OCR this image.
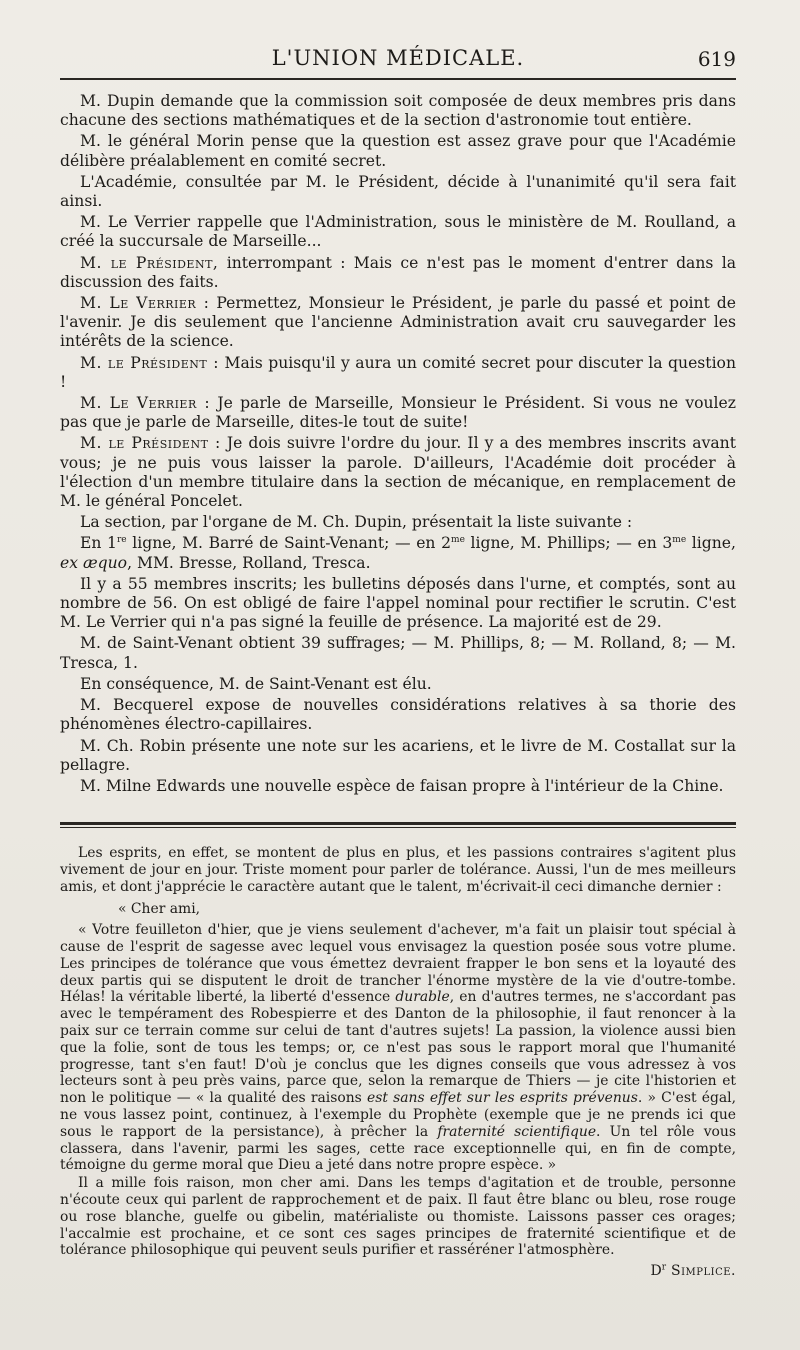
L'UNION MÉDICALE.	619

M. Dupin demande que la commission soit composée de deux membres pris dans chacune des sections mathématiques et de la section d'astronomie tout entière.

M. le général Morin pense que la question est assez grave pour que l'Académie délibère préalablement en comité secret.

L'Académie, consultée par M. le Président, décide à l'unanimité qu'il sera fait ainsi.

M. Le Verrier rappelle que l'Administration, sous le ministère de M. Roulland, a créé la succursale de Marseille...

M. le Président, interrompant : Mais ce n'est pas le moment d'entrer dans la discussion des faits.

M. Le Verrier : Permettez, Monsieur le Président, je parle du passé et point de l'avenir. Je dis seulement que l'ancienne Administration avait cru sauvegarder les intérêts de la science.

M. le Président : Mais puisqu'il y aura un comité secret pour discuter la question !

M. Le Verrier : Je parle de Marseille, Monsieur le Président. Si vous ne voulez pas que je parle de Marseille, dites-le tout de suite!

M. le Président : Je dois suivre l'ordre du jour. Il y a des membres inscrits avant vous; je ne puis vous laisser la parole. D'ailleurs, l'Académie doit procéder à l'élection d'un membre titulaire dans la section de mécanique, en remplacement de M. le général Poncelet.

La section, par l'organe de M. Ch. Dupin, présentait la liste suivante :

En 1re ligne, M. Barré de Saint-Venant; — en $2^{me}$ ligne, M. Phillips; — en $3^{me}$ ligne, ex æquo, MM. Bresse, Rolland, Tresca.

Il y a 55 membres inscrits; les bulletins déposés dans l'urne, et comptés, sont au nombre de 56. On est obligé de faire l'appel nominal pour rectifier le scrutin. C'est M. Le Verrier qui n'a pas signé la feuille de présence. La majorité est de 29.

M. de Saint-Venant obtient 39 suffrages; — M. Phillips, 8; — M. Rolland, 8; — M. Tresca, 1.

En conséquence, M. de Saint-Venant est élu.

M. Becquerel expose de nouvelles considérations relatives à sa thorie des phénomènes électro-capillaires.

M. Ch. Robin présente une note sur les acariens, et le livre de M. Costallat sur la pellagre.

M. Milne Edwards une nouvelle espèce de faisan propre à l'intérieur de la Chine.

Les esprits, en effet, se montent de plus en plus, et les passions contraires s'agitent plus vivement de jour en jour. Triste moment pour parler de tolérance. Aussi, l'un de mes meilleurs amis, et dont j'apprécie le caractère autant que le talent, m'écrivait-il ceci dimanche dernier :

« Cher ami,

« Votre feuilleton d'hier, que je viens seulement d'achever, m'a fait un plaisir tout spécial à cause de l'esprit de sagesse avec lequel vous envisagez la question posée sous votre plume. Les principes de tolérance que vous émettez devraient frapper le bon sens et la loyauté des deux partis qui se disputent le droit de trancher l'énorme mystère de la vie d'outre-tombe. Hélas! la véritable liberté, la liberté d'essence durable, en d'autres termes, ne s'accordant pas avec le tempérament des Robespierre et des Danton de la philosophie, il faut renoncer à la paix sur ce terrain comme sur celui de tant d'autres sujets! La passion, la violence aussi bien que la folie, sont de tous les temps; or, ce n'est pas sous le rapport moral que l'humanité progresse, tant s'en faut! D'où je conclus que les dignes conseils que vous adressez à vos lecteurs sont à peu près vains, parce que, selon la remarque de Thiers — je cite l'historien et non le politique — « la qualité des raisons est sans effet sur les esprits prévenus. » C'est égal, ne vous lassez point, continuez, à l'exemple du Prophète (exemple que je ne prends ici que sous le rapport de la persistance), à prêcher la fraternité scientifique. Un tel rôle vous classera, dans l'avenir, parmi les sages, cette race exceptionnelle qui, en fin de compte, témoigne du germe moral que Dieu a jeté dans notre propre espèce. »

Il a mille fois raison, mon cher ami. Dans les temps d'agitation et de trouble, personne n'écoute ceux qui parlent de rapprochement et de paix. Il faut être blanc ou bleu, rose rouge ou rose blanche, guelfe ou gibelin, matérialiste ou thomiste. Laissons passer ces orages; l'accalmie est prochaine, et ce sont ces sages principes de fraternité scientifique et de tolérance philosophique qui peuvent seuls purifier et rasséréner l'atmosphère.

$D^r$ Simplice.
